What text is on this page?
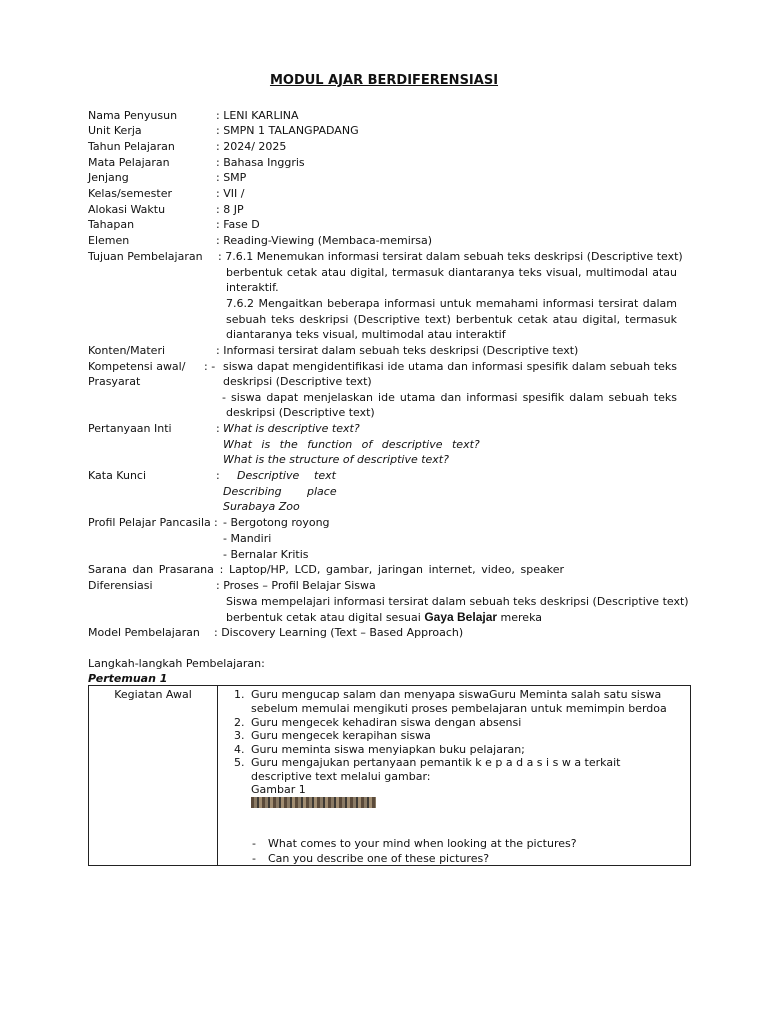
MODUL AJAR BERDIFERENSIASI
Nama Penyusun	: LENI KARLINA
Unit Kerja	: SMPN 1 TALANGPADANG
Tahun Pelajaran	: 2024/ 2025
Mata Pelajaran	: Bahasa Inggris
Jenjang	: SMP
Kelas/semester	: VII /
Alokasi Waktu	: 8 JP
Tahapan	: Fase D
Elemen	: Reading-Viewing (Membaca-memirsa)
Tujuan Pembelajaran : 7.6.1 Menemukan informasi tersirat dalam sebuah teks deskripsi (Descriptive text)
berbentuk cetak atau digital, termasuk diantaranya teks visual, multimodal atau
interaktif.
7.6.2 Mengaitkan beberapa informasi untuk memahami informasi tersirat dalam
sebuah teks deskripsi (Descriptive text) berbentuk cetak atau digital, termasuk
diantaranya teks visual, multimodal atau interaktif
Konten/Materi	: Informasi tersirat dalam sebuah teks deskripsi (Descriptive text)
Kompetensi awal/ : - siswa dapat mengidentifikasi ide utama dan informasi spesifik dalam sebuah teks
Prasyarat	deskripsi (Descriptive text)
- siswa dapat menjelaskan ide utama dan informasi spesifik dalam sebuah teks
deskripsi (Descriptive text)
Pertanyaan Inti	: What is descriptive text?
What is the function of descriptive text?
What is the structure of descriptive text?
Kata Kunci	: Descriptive text
Describing place
Surabaya Zoo
Profil Pelajar Pancasila : - Bergotong royong
- Mandiri
- Bernalar Kritis
Sarana dan Prasarana : Laptop/HP, LCD, gambar, jaringan internet, video, speaker
Diferensiasi	: Proses – Profil Belajar Siswa
Siswa mempelajari informasi tersirat dalam sebuah teks deskripsi (Descriptive text)
berbentuk cetak atau digital sesuai Gaya Belajar mereka
Model Pembelajaran : Discovery Learning (Text – Based Approach)
Langkah-langkah Pembelajaran:
Pertemuan 1
Kegiatan Awal	1. Guru mengucap salam dan menyapa siswaGuru Meminta salah satu siswa
sebelum memulai mengikuti proses pembelajaran untuk memimpin berdoa
2. Guru mengecek kehadiran siswa dengan absensi
3. Guru mengecek kerapihan siswa
4. Guru meminta siswa menyiapkan buku pelajaran;
5. Guru mengajukan pertanyaan pemantik k e p a d a s i s w a terkait
descriptive text melalui gambar:
Gambar 1
- What comes to your mind when looking at the pictures?
- Can you describe one of these pictures?
